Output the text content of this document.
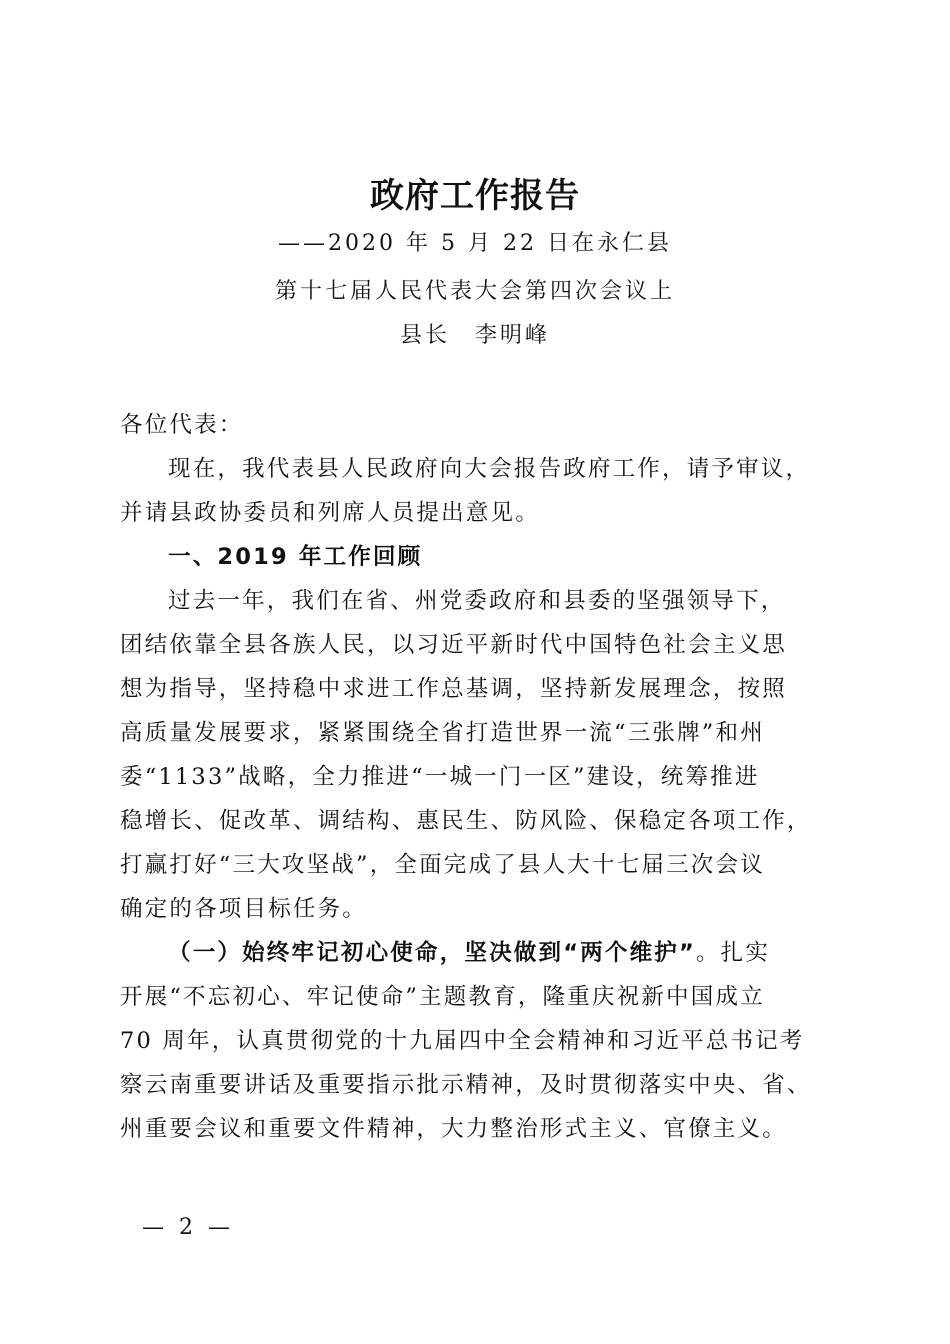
政府工作报告
——2020 年 5 月 22 日在永仁县
第十七届人民代表大会第四次会议上
县长　李明峰
各位代表：
现在，我代表县人民政府向大会报告政府工作，请予审议，
并请县政协委员和列席人员提出意见。
一、2019 年工作回顾
过去一年，我们在省、州党委政府和县委的坚强领导下，
团结依靠全县各族人民，以习近平新时代中国特色社会主义思
想为指导，坚持稳中求进工作总基调，坚持新发展理念，按照
高质量发展要求，紧紧围绕全省打造世界一流“三张牌”和州
委“1133”战略，全力推进“一城一门一区”建设，统筹推进
稳增长、促改革、调结构、惠民生、防风险、保稳定各项工作，
打赢打好“三大攻坚战”，全面完成了县人大十七届三次会议
确定的各项目标任务。
（一）始终牢记初心使命，坚决做到“两个维护”。扎实
开展“不忘初心、牢记使命”主题教育，隆重庆祝新中国成立
70 周年，认真贯彻党的十九届四中全会精神和习近平总书记考
察云南重要讲话及重要指示批示精神，及时贯彻落实中央、省、
州重要会议和重要文件精神，大力整治形式主义、官僚主义。
— 2 —
